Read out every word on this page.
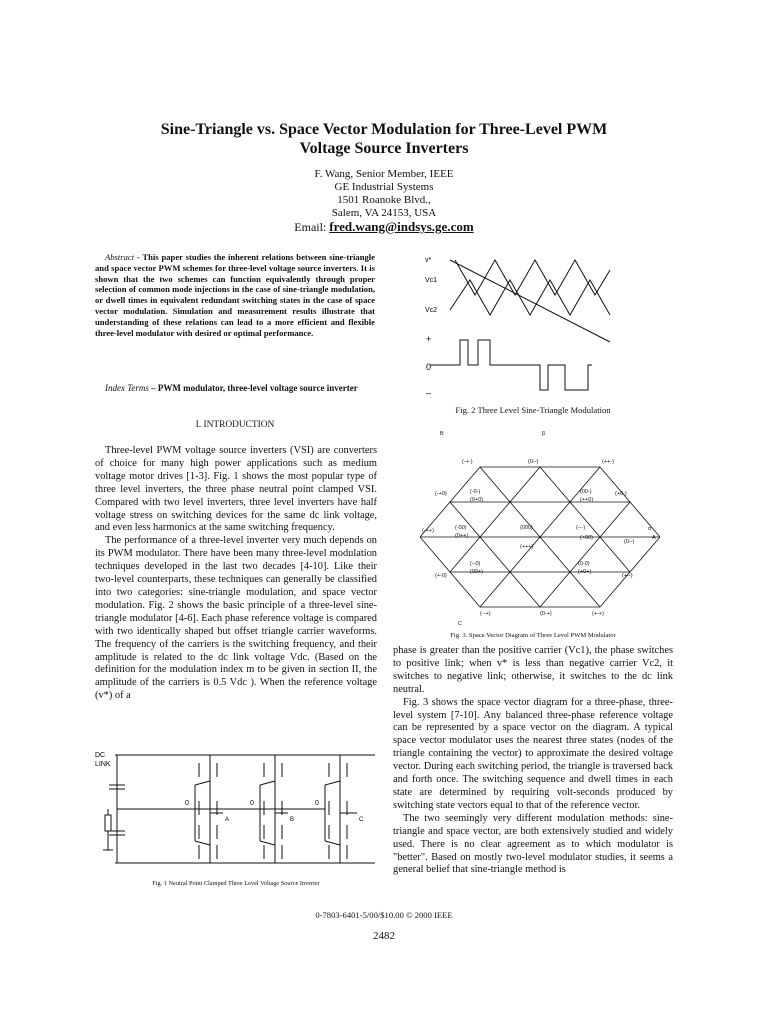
Sine-Triangle vs. Space Vector Modulation for Three-Level PWM
Voltage Source Inverters
F. Wang, Senior Member, IEEE
GE Industrial Systems
1501 Roanoke Blvd.,
Salem, VA 24153, USA
Email: fred.wang@indsys.ge.com

Abstract - This paper studies the inherent relations between sine-triangle and space vector PWM schemes for three-level voltage source inverters. It is shown that the two schemes can function equivalently through proper selection of common mode injections in the case of sine-triangle modulation, or dwell times in equivalent redundant switching states in the case of space vector modulation. Simulation and measurement results illustrate that understanding of these relations can lead to a more efficient and flexible three-level modulator with desired or optimal performance.

Index Terms – PWM modulator, three-level voltage source inverter

I. INTRODUCTION

Three-level PWM voltage source inverters (VSI) are converters of choice for many high power applications such as medium voltage motor drives [1-3]. Fig. 1 shows the most popular type of three level inverters, the three phase neutral point clamped VSI. Compared with two level inverters, three level inverters have half voltage stress on switching devices for the same dc link voltage, and even less harmonics at the same switching frequency.

The performance of a three-level inverter very much depends on its PWM modulator. There have been many three-level modulation techniques developed in the last two decades [4-10]. Like their two-level counterparts, these techniques can generally be classified into two categories: sine-triangle modulation, and space vector modulation. Fig. 2 shows the basic principle of a three-level sine-triangle modulator [4-6]. Each phase reference voltage is compared with two identically shaped but offset triangle carrier waveforms. The frequency of the carriers is the switching frequency, and their amplitude is related to the dc link voltage Vdc. (Based on the definition for the modulation index m to be given in section II, the amplitude of the carriers is 0.5 Vdc ). When the reference voltage (v*) of a

DC
LINK
0	0	0
A	B	C
Fig. 1 Neutral Point Clamped Three Level Voltage Source Inverter
v*
Vc1
Vc2
+
0
–
Fig. 2 Three Level Sine-Triangle Modulation
B	β
α
A
C
(0--)	(++-)
(-+-)
(-0-)	(00-)	(+0-)
(-+0)
(0+0)	(++0)
(+00)
(-00)
(0++)
(000)
(+++)
(---)
(0--)
(+--)
(-++)
(--0)
(00+)
(0-0)
(+0+)
(+-0)
(--+)	(0-+)	(+-+)
Fig. 3. Space Vector Diagram of Three Level PWM Modulator

phase is greater than the positive carrier (Vc1), the phase switches to positive link; when v* is less than negative carrier Vc2, it switches to negative link; otherwise, it switches to the dc link neutral.

Fig. 3 shows the space vector diagram for a three-phase, three-level system [7-10]. Any balanced three-phase reference voltage can be represented by a space vector on the diagram. A typical space vector modulator uses the nearest three states (nodes of the triangle containing the vector) to approximate the desired voltage vector. During each switching period, the triangle is traversed back and forth once. The switching sequence and dwell times in each state are determined by requiring volt-seconds produced by switching state vectors equal to that of the reference vector.

The two seemingly very different modulation methods: sine-triangle and space vector, are both extensively studied and widely used. There is no clear agreement as to which modulator is "better". Based on mostly two-level modulator studies, it seems a general belief that sine-triangle method is

0-7803-6401-5/00/$10.00 © 2000 IEEE
2482
